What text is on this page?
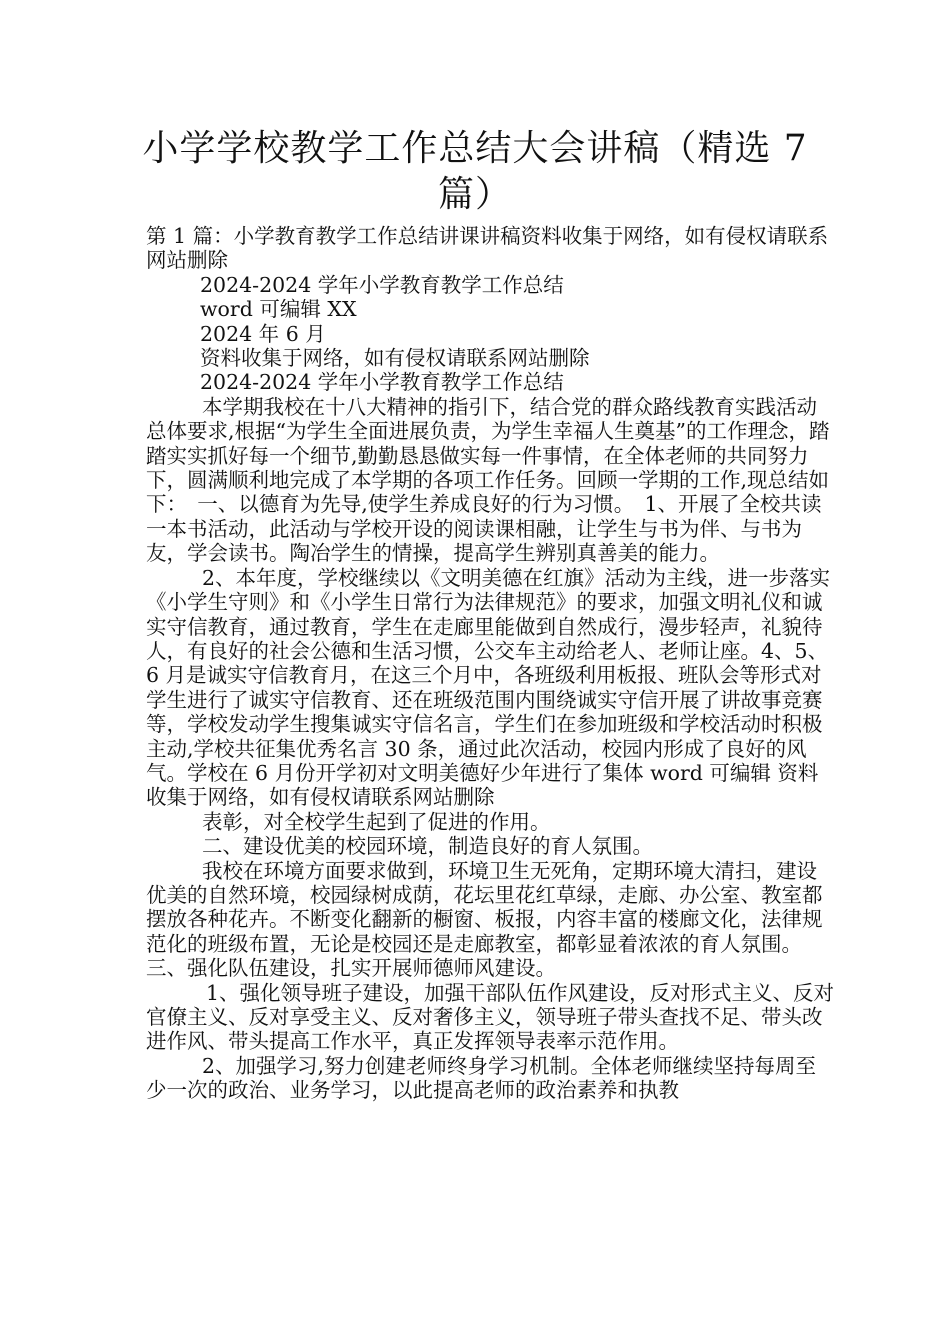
小学学校教学工作总结大会讲稿（精选 7 篇）

第 1 篇：小学教育教学工作总结讲课讲稿资料收集于网络，如有侵权请联系网站删除

2024-2024 学年小学教育教学工作总结

word 可编辑 XX

2024 年 6 月

资料收集于网络，如有侵权请联系网站删除

2024-2024 学年小学教育教学工作总结

本学期我校在十八大精神的指引下，结合党的群众路线教育实践活动总体要求,根据“为学生全面进展负责，为学生幸福人生奠基”的工作理念，踏踏实实抓好每一个细节,勤勤恳恳做实每一件事情，在全体老师的共同努力下，圆满顺利地完成了本学期的各项工作任务。回顾一学期的工作,现总结如下：　一、以德育为先导,使学生养成良好的行为习惯。　1、开展了全校共读一本书活动，此活动与学校开设的阅读课相融，让学生与书为伴、与书为友，学会读书。陶冶学生的情操，提高学生辨别真善美的能力。

2、本年度，学校继续以《文明美德在红旗》活动为主线，进一步落实《小学生守则》和《小学生日常行为法律规范》的要求，加强文明礼仪和诚实守信教育，通过教育，学生在走廊里能做到自然成行，漫步轻声，礼貌待人，有良好的社会公德和生活习惯，公交车主动给老人、老师让座。4、5、6 月是诚实守信教育月，在这三个月中，各班级利用板报、班队会等形式对学生进行了诚实守信教育、还在班级范围内围绕诚实守信开展了讲故事竞赛等，学校发动学生搜集诚实守信名言，学生们在参加班级和学校活动时积极主动,学校共征集优秀名言 30 条，通过此次活动，校园内形成了良好的风气。学校在 6 月份开学初对文明美德好少年进行了集体 word 可编辑 资料收集于网络，如有侵权请联系网站删除

表彰，对全校学生起到了促进的作用。

二、建设优美的校园环境，制造良好的育人氛围。

我校在环境方面要求做到，环境卫生无死角，定期环境大清扫，建设优美的自然环境，校园绿树成荫，花坛里花红草绿，走廊、办公室、教室都摆放各种花卉。不断变化翻新的橱窗、板报，内容丰富的楼廊文化，法律规范化的班级布置，无论是校园还是走廊教室，都彰显着浓浓的育人氛围。　三、强化队伍建设，扎实开展师德师风建设。

1、强化领导班子建设，加强干部队伍作风建设，反对形式主义、反对官僚主义、反对享受主义、反对奢侈主义，领导班子带头查找不足、带头改进作风、带头提高工作水平，真正发挥领导表率示范作用。

2、加强学习,努力创建老师终身学习机制。全体老师继续坚持每周至少一次的政治、业务学习，以此提高老师的政治素养和执教
